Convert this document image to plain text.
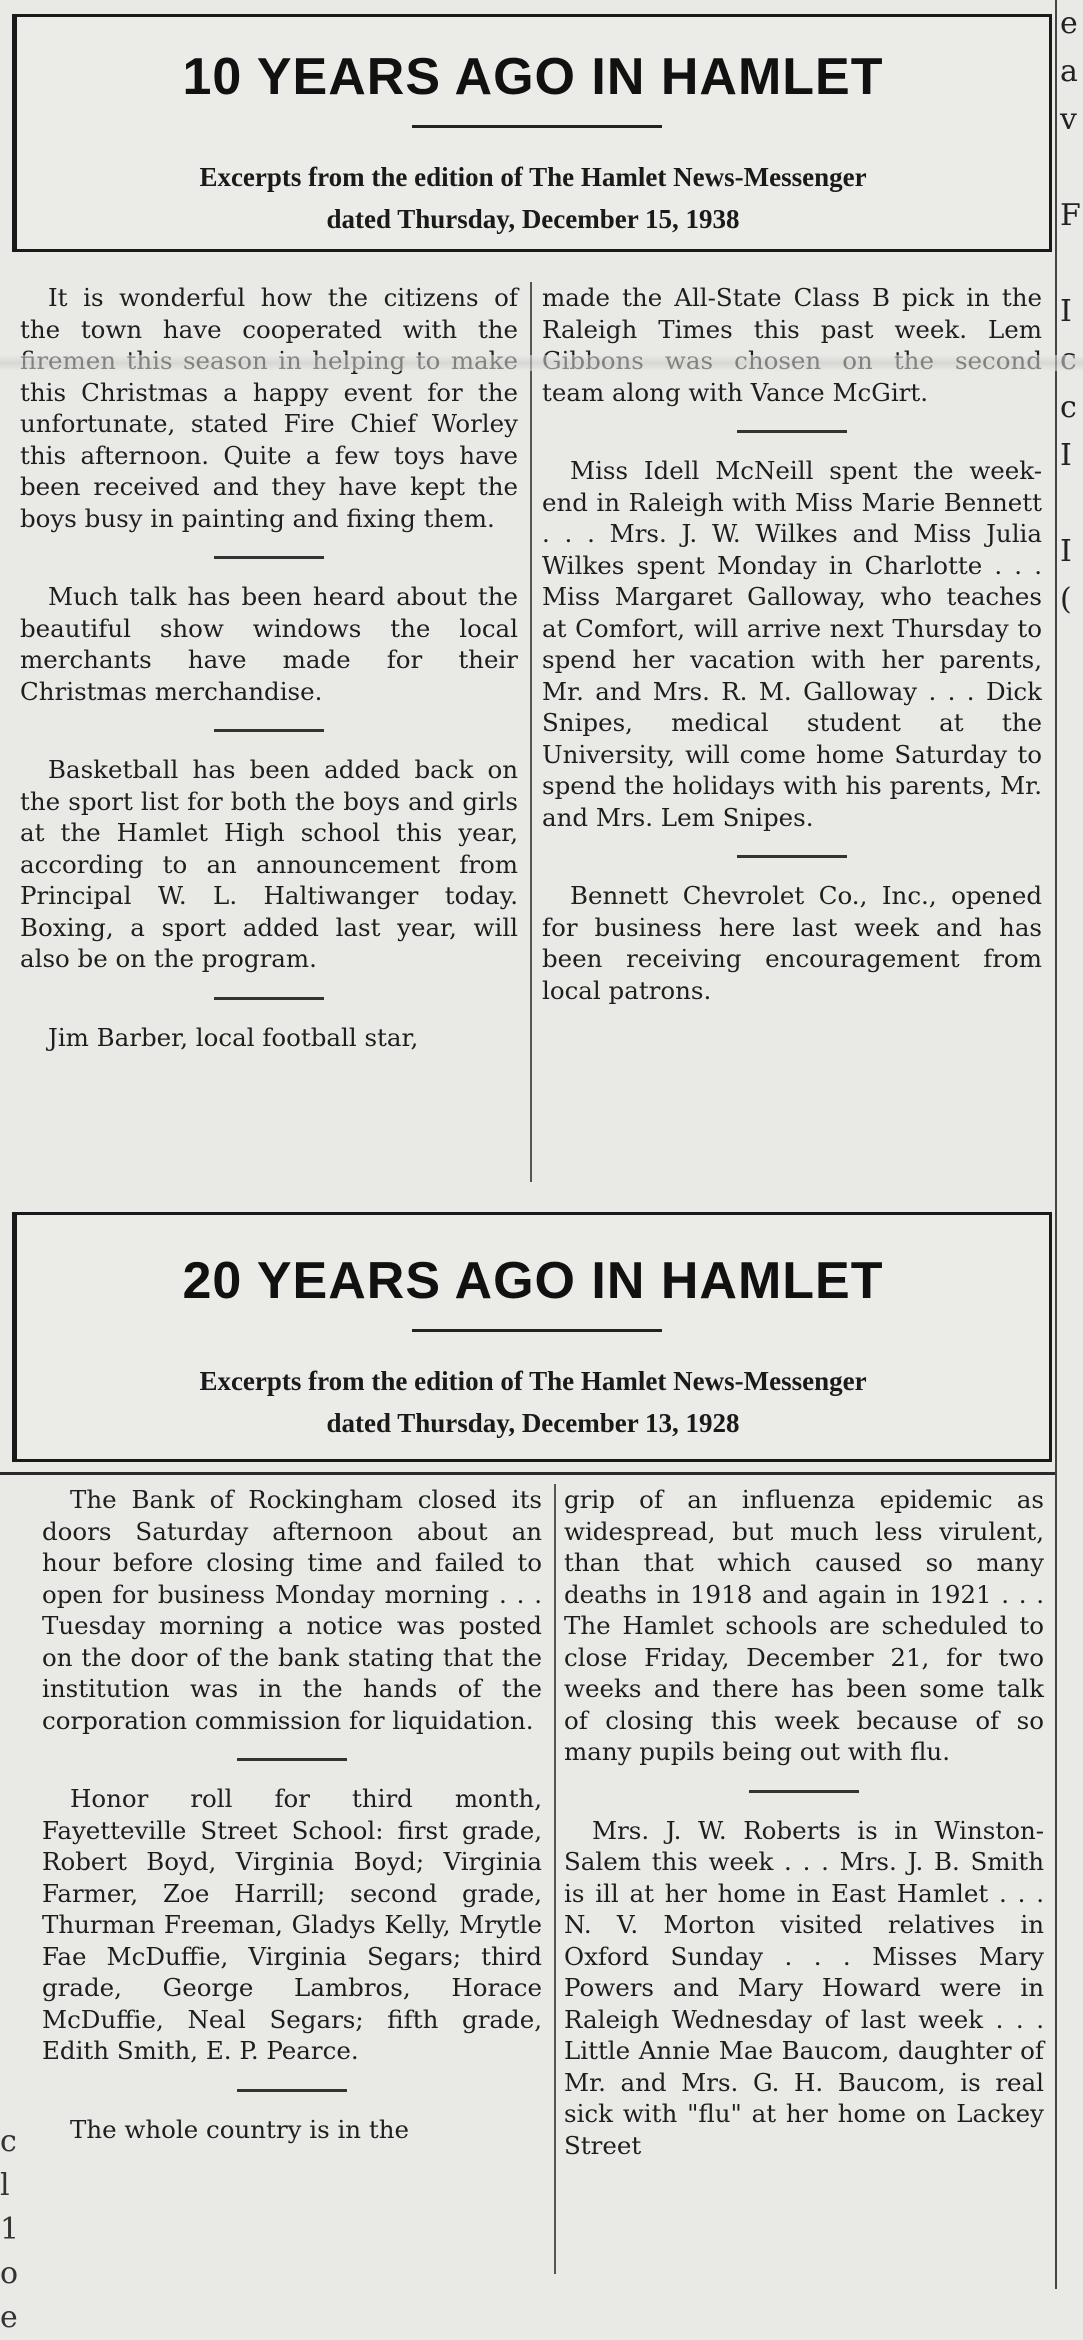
e
a
v
F
I
c
I
I
(
c
l
1
o
e
10 YEARS AGO IN HAMLET
Excerpts from the edition of The Hamlet News-Messenger
dated Thursday, December 15, 1938

It is wonderful how the citizens of the town have cooperated with the this Christmas a happy event for the unfortunate, stated Fire Chief Worley this afternoon. Quite a few toys have been received and they have kept the boys busy in painting and fixing them.

Much talk has been heard about the beautiful show windows the local merchants have made for their Christmas merchandise.

Basketball has been added back on the sport list for both the boys and girls at the Hamlet High school this year, according to an announcement from Principal W. L. Haltiwanger today. Boxing, a sport added last year, will also be on the program.

Jim Barber, local football star,

made the All-State Class B pick in the Raleigh Times this past week. Lem team along with Vance McGirt.

Miss Idell McNeill spent the week-end in Raleigh with Miss Marie Bennett . . . Mrs. J. W. Wilkes and Miss Julia Wilkes spent Monday in Charlotte . . . Miss Margaret Galloway, who teaches at Comfort, will arrive next Thursday to spend her vacation with her parents, Mr. and Mrs. R. M. Galloway . . . Dick Snipes, medical student at the University, will come home Saturday to spend the holidays with his parents, Mr. and Mrs. Lem Snipes.

Bennett Chevrolet Co., Inc., opened for business here last week and has been receiving encouragement from local patrons.

20 YEARS AGO IN HAMLET
Excerpts from the edition of The Hamlet News-Messenger
dated Thursday, December 13, 1928

The Bank of Rockingham closed its doors Saturday afternoon about an hour before closing time and failed to open for business Monday morning . . . Tuesday morning a notice was posted on the door of the bank stating that the institution was in the hands of the corporation commission for liquidation.

Honor roll for third month, Fayetteville Street School: first grade, Robert Boyd, Virginia Boyd; Virginia Farmer, Zoe Harrill; second grade, Thurman Freeman, Gladys Kelly, Mrytle Fae McDuffie, Virginia Segars; third grade, George Lambros, Horace McDuffie, Neal Segars; fifth grade, Edith Smith, E. P. Pearce.

The whole country is in the

grip of an influenza epidemic as widespread, but much less virulent, than that which caused so many deaths in 1918 and again in 1921 . . . The Hamlet schools are scheduled to close Friday, December 21, for two weeks and there has been some talk of closing this week because of so many pupils being out with flu.

Mrs. J. W. Roberts is in Winston-Salem this week . . . Mrs. J. B. Smith is ill at her home in East Hamlet . . . N. V. Morton visited relatives in Oxford Sunday . . . Misses Mary Powers and Mary Howard were in Raleigh Wednesday of last week . . . Little Annie Mae Baucom, daughter of Mr. and Mrs. G. H. Baucom, is real sick with "flu" at her home on Lackey Street
